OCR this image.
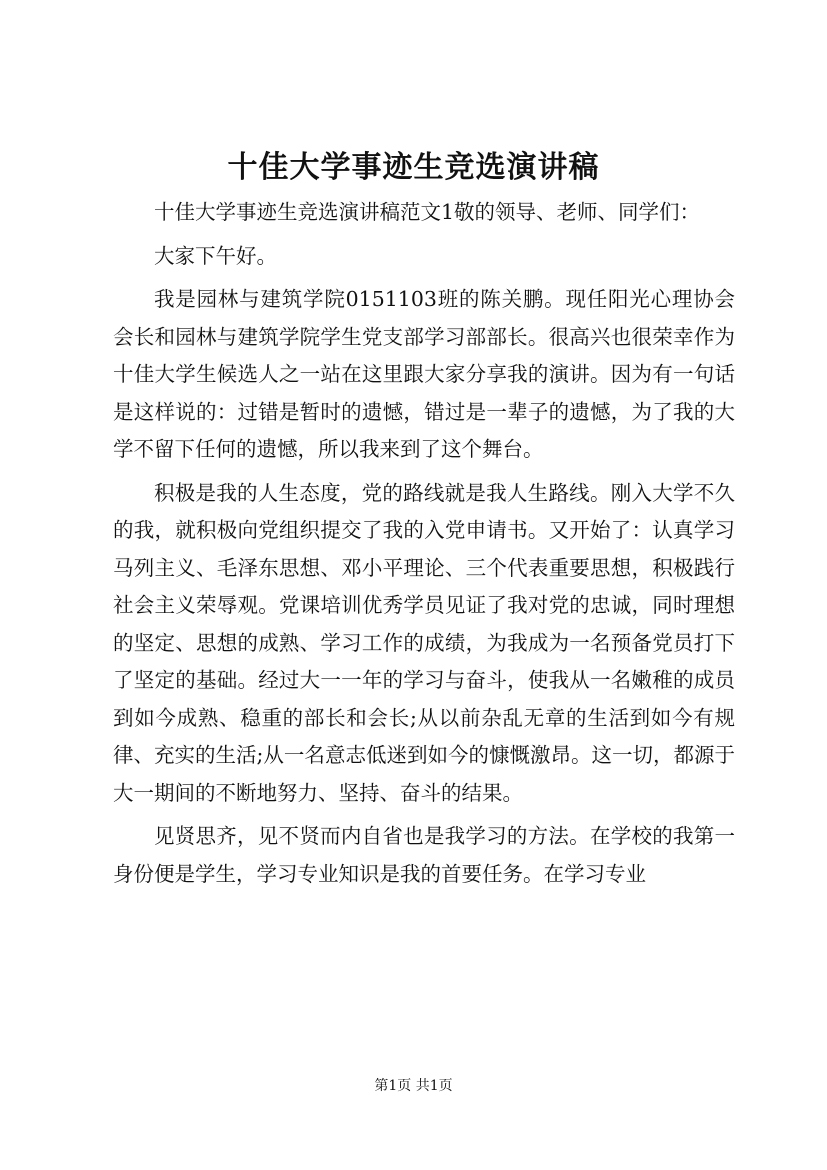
十佳大学事迹生竞选演讲稿

十佳大学事迹生竞选演讲稿范文1敬的领导、老师、同学们：

大家下午好。

我是园林与建筑学院0151103班的陈关鹏。现任阳光心理协会会长和园林与建筑学院学生党支部学习部部长。很高兴也很荣幸作为十佳大学生候选人之一站在这里跟大家分享我的演讲。因为有一句话是这样说的：过错是暂时的遗憾，错过是一辈子的遗憾，为了我的大学不留下任何的遗憾，所以我来到了这个舞台。

积极是我的人生态度，党的路线就是我人生路线。刚入大学不久的我，就积极向党组织提交了我的入党申请书。又开始了：认真学习马列主义、毛泽东思想、邓小平理论、三个代表重要思想，积极践行社会主义荣辱观。党课培训优秀学员见证了我对党的忠诚，同时理想的坚定、思想的成熟、学习工作的成绩，为我成为一名预备党员打下了坚定的基础。经过大一一年的学习与奋斗，使我从一名嫩稚的成员到如今成熟、稳重的部长和会长;从以前杂乱无章的生活到如今有规律、充实的生活;从一名意志低迷到如今的慷慨激昂。这一切，都源于大一期间的不断地努力、坚持、奋斗的结果。

见贤思齐，见不贤而内自省也是我学习的方法。在学校的我第一身份便是学生，学习专业知识是我的首要任务。在学习专业

第1页 共1页
